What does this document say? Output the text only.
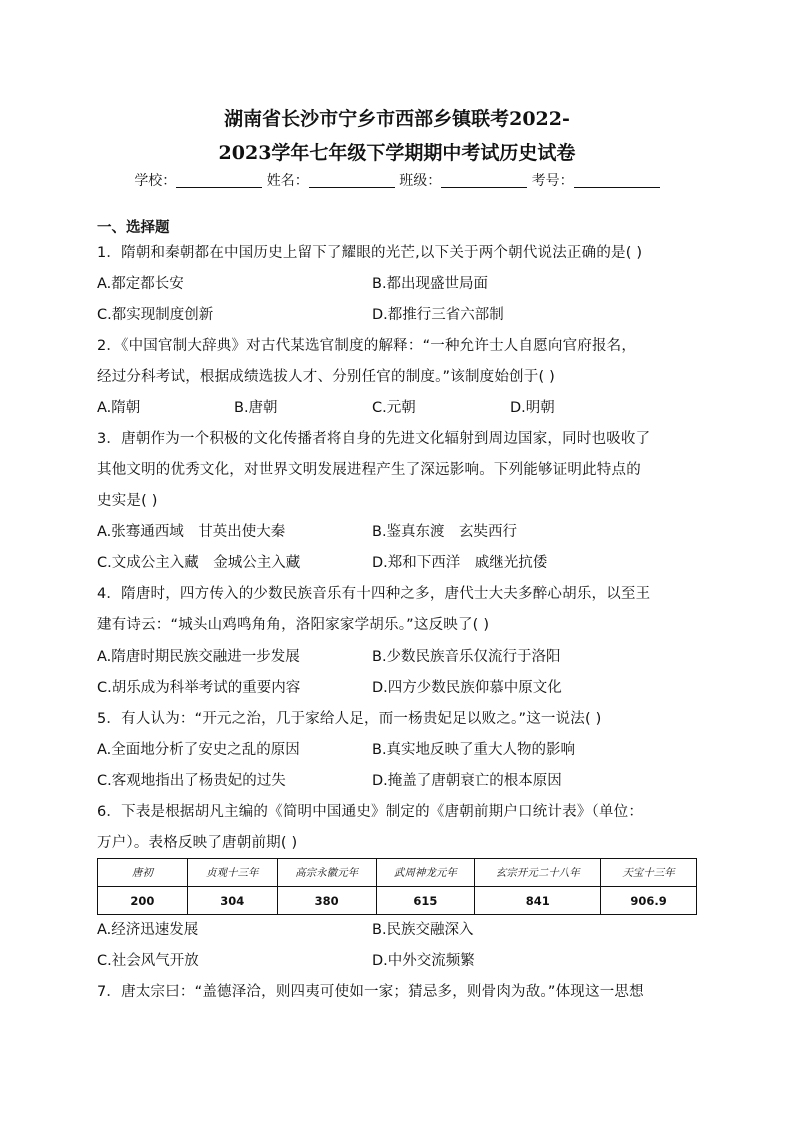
湖南省长沙市宁乡市西部乡镇联考2022-
2023学年七年级下学期期中考试历史试卷
学校：	姓名：	班级：	考号：
一、选择题
1．隋朝和秦朝都在中国历史上留下了耀眼的光芒,以下关于两个朝代说法正确的是( )
A.都定都长安	B.都出现盛世局面
C.都实现制度创新	D.都推行三省六部制
2．《中国官制大辞典》对古代某选官制度的解释：“一种允许士人自愿向官府报名，
经过分科考试，根据成绩选拔人才、分别任官的制度。”该制度始创于( )
A.隋朝	B.唐朝	C.元朝	D.明朝
3．唐朝作为一个积极的文化传播者将自身的先进文化辐射到周边国家，同时也吸收了
其他文明的优秀文化，对世界文明发展进程产生了深远影响。下列能够证明此特点的
史实是( )
A.张骞通西域　甘英出使大秦	B.鉴真东渡　玄奘西行
C.文成公主入藏　金城公主入藏	D.郑和下西洋　戚继光抗倭
4．隋唐时，四方传入的少数民族音乐有十四种之多，唐代士大夫多醉心胡乐，以至王
建有诗云：“城头山鸡鸣角角，洛阳家家学胡乐。”这反映了( )
A.隋唐时期民族交融进一步发展	B.少数民族音乐仅流行于洛阳
C.胡乐成为科举考试的重要内容	D.四方少数民族仰慕中原文化
5．有人认为：“开元之治，几于家给人足，而一杨贵妃足以败之。”这一说法( )
A.全面地分析了安史之乱的原因	B.真实地反映了重大人物的影响
C.客观地指出了杨贵妃的过失	D.掩盖了唐朝衰亡的根本原因
6．下表是根据胡凡主编的《简明中国通史》制定的《唐朝前期户口统计表》（单位：
万户）。表格反映了唐朝前期( )
唐初	贞观十三年	高宗永徽元年	武周神龙元年	玄宗开元二十八年	天宝十三年
200	304	380	615	841	906.9
A.经济迅速发展	B.民族交融深入
C.社会风气开放	D.中外交流频繁
7．唐太宗曰：“盖德泽洽，则四夷可使如一家；猜忌多，则骨肉为敌。”体现这一思想
